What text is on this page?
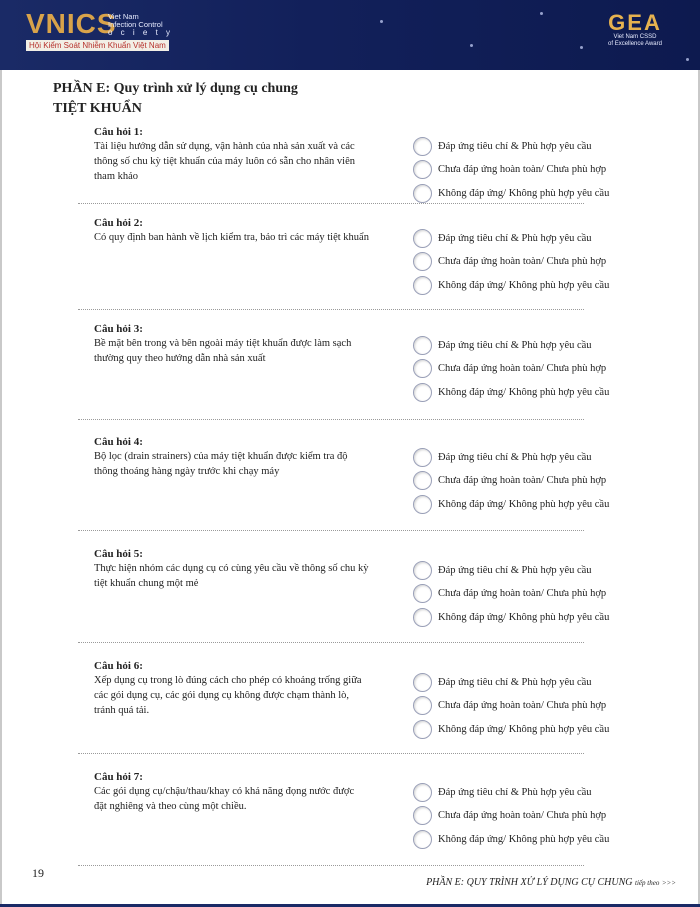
VNICS
Viet Nam
Infection Control
o c i e t y
Hội Kiểm Soát Nhiễm Khuẩn Việt Nam
GEA
Viet Nam CSSD
of Excellence Award
PHẦN E: Quy trình xử lý dụng cụ chung
TIỆT KHUẨN
Câu hỏi 1:
Tài liệu hướng dẫn sử dụng, vận hành của nhà sản xuất và các thông số chu kỳ tiệt khuẩn của máy luôn có sẵn cho nhân viên tham khảo
Đáp ứng tiêu chí & Phù hợp yêu cầu
Chưa đáp ứng hoàn toàn/ Chưa phù hợp
Không đáp ứng/ Không phù hợp yêu cầu
Câu hỏi 2:
Có quy định ban hành về lịch kiểm tra, bảo trì các máy tiệt khuẩn	Đáp ứng tiêu chí & Phù hợp yêu cầu
Chưa đáp ứng hoàn toàn/ Chưa phù hợp
Không đáp ứng/ Không phù hợp yêu cầu
Câu hỏi 3:
Bề mặt bên trong và bên ngoài máy tiệt khuẩn được làm sạch thường quy theo hướng dẫn nhà sản xuất
Đáp ứng tiêu chí & Phù hợp yêu cầu
Chưa đáp ứng hoàn toàn/ Chưa phù hợp
Không đáp ứng/ Không phù hợp yêu cầu
Câu hỏi 4:
Bộ lọc (drain strainers) của máy tiệt khuẩn được kiểm tra độ thông thoáng hàng ngày trước khi chạy máy
Đáp ứng tiêu chí & Phù hợp yêu cầu
Chưa đáp ứng hoàn toàn/ Chưa phù hợp
Không đáp ứng/ Không phù hợp yêu cầu
Câu hỏi 5:
Thực hiện nhóm các dụng cụ có cùng yêu cầu về thông số chu kỳ tiệt khuẩn chung một mẻ
Đáp ứng tiêu chí & Phù hợp yêu cầu
Chưa đáp ứng hoàn toàn/ Chưa phù hợp
Không đáp ứng/ Không phù hợp yêu cầu
Câu hỏi 6:
Xếp dụng cụ trong lò đúng cách cho phép có khoảng trống giữa các gói dụng cụ, các gói dụng cụ không được chạm thành lò, tránh quá tải.
Đáp ứng tiêu chí & Phù hợp yêu cầu
Chưa đáp ứng hoàn toàn/ Chưa phù hợp
Không đáp ứng/ Không phù hợp yêu cầu
Câu hỏi 7:
Các gói dụng cụ/chậu/thau/khay có khả năng đọng nước được đặt nghiêng và theo cùng một chiều.
Đáp ứng tiêu chí & Phù hợp yêu cầu
Chưa đáp ứng hoàn toàn/ Chưa phù hợp
Không đáp ứng/ Không phù hợp yêu cầu
19
PHẦN E: QUY TRÌNH XỬ LÝ DỤNG CỤ CHUNG tiếp theo >>>
